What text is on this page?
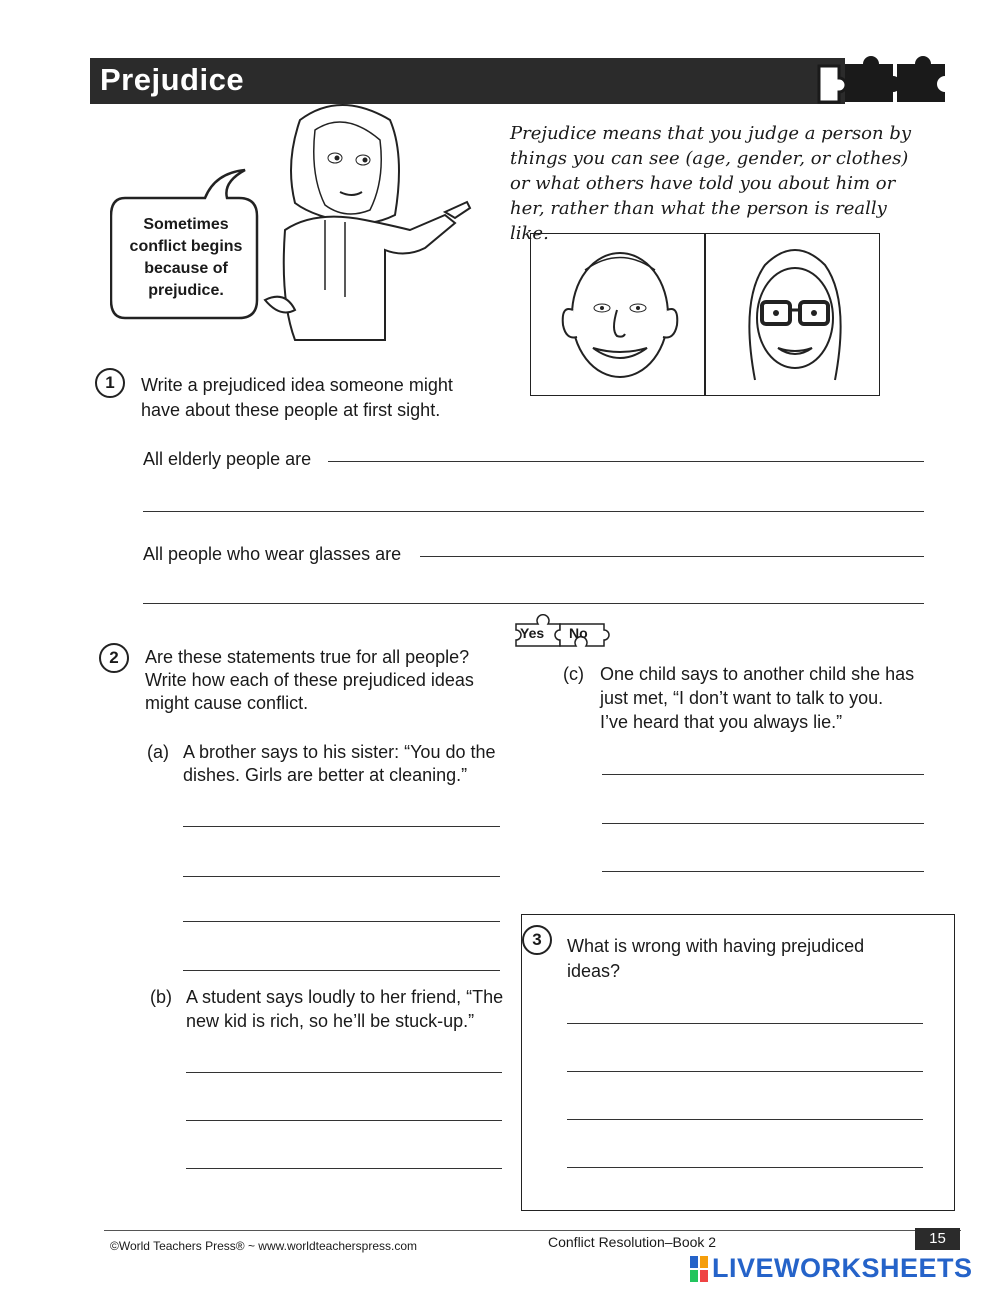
Prejudice
Sometimes conflict begins because of prejudice.
Prejudice means that you judge a person by things you can see (age, gender, or clothes) or what others have told you about him or her, rather than what the person is really like.
1	Write a prejudiced idea someone might
have about these people at first sight.
All elderly people are
All people who wear glasses are
Yes No
2	Are these statements true for all people?
Write how each of these prejudiced ideas
might cause conflict.
(a) A brother says to his sister: “You do the
dishes. Girls are better at cleaning.”
(b) A student says loudly to her friend, “The
new kid is rich, so he’ll be stuck-up.”
(c) One child says to another child she has
just met, “I don’t want to talk to you.
I’ve heard that you always lie.”
3	What is wrong with having prejudiced
ideas?
©World Teachers Press® ~ www.worldteacherspress.com	Conflict Resolution–Book 2	15
LIVEWORKSHEETS
